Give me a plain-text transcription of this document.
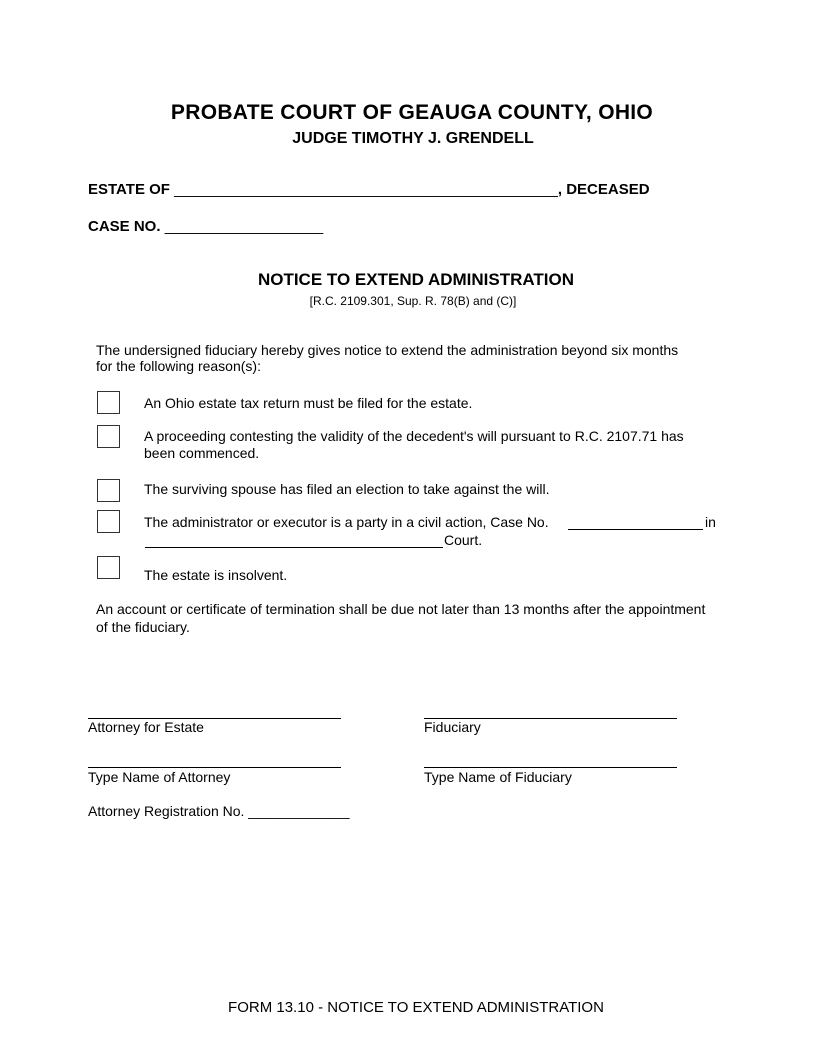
PROBATE COURT OF GEAUGA COUNTY, OHIO
JUDGE TIMOTHY J. GRENDELL
ESTATE OF ______________________________________________, DECEASED
CASE NO. ___________________
NOTICE TO EXTEND ADMINISTRATION
[R.C. 2109.301, Sup. R. 78(B) and (C)]
The undersigned fiduciary hereby gives notice to extend the administration beyond six months
for the following reason(s):
An Ohio estate tax return must be filed for the estate.
A proceeding contesting the validity of the decedent's will pursuant to R.C. 2107.71 has
been commenced.
The surviving spouse has filed an election to take against the will.
The administrator or executor is a party in a civil action, Case No.	in
Court.
The estate is insolvent.
An account or certificate of termination shall be due not later than 13 months after the appointment
of the fiduciary.
Attorney for Estate	Fiduciary
Type Name of Attorney	Type Name of Fiduciary
Attorney Registration No. _____________
FORM 13.10 - NOTICE TO EXTEND ADMINISTRATION
